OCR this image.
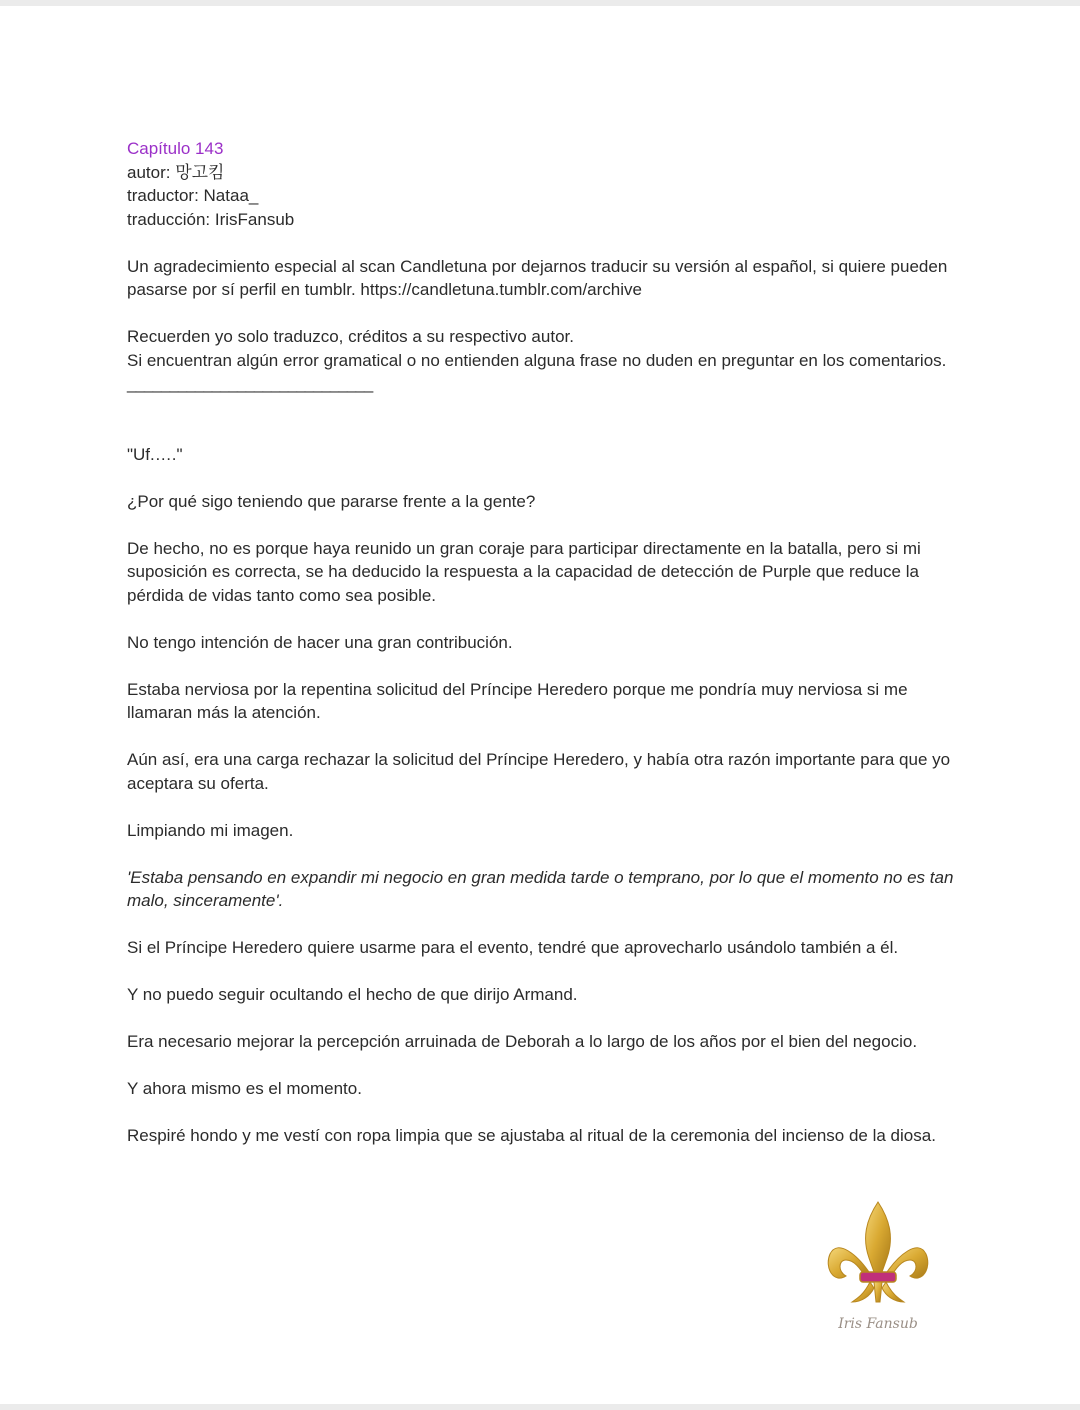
Capítulo 143

autor: 망고킴

traductor: Nataa_

traducción: IrisFansub

Un agradecimiento especial al scan Candletuna por dejarnos traducir su versión al español, si quiere pueden pasarse por sí perfil en tumblr. https://candletuna.tumblr.com/archive

Recuerden yo solo traduzco, créditos a su respectivo autor.

Si encuentran algún error gramatical o no entienden alguna frase no duden en preguntar en los comentarios.

_____________________________

"Uf.…."

¿Por qué sigo teniendo que pararse frente a la gente?

De hecho, no es porque haya reunido un gran coraje para participar directamente en la batalla, pero si mi suposición es correcta, se ha deducido la respuesta a la capacidad de detección de Purple que reduce la pérdida de vidas tanto como sea posible.

No tengo intención de hacer una gran contribución.

Estaba nerviosa por la repentina solicitud del Príncipe Heredero porque me pondría muy nerviosa si me llamaran más la atención.

Aún así, era una carga rechazar la solicitud del Príncipe Heredero, y había otra razón importante para que yo aceptara su oferta.

Limpiando mi imagen.

'Estaba pensando en expandir mi negocio en gran medida tarde o temprano, por lo que el momento no es tan malo, sinceramente'.

Si el Príncipe Heredero quiere usarme para el evento, tendré que aprovecharlo usándolo también a él.

Y no puedo seguir ocultando el hecho de que dirijo Armand.

Era necesario mejorar la percepción arruinada de Deborah a lo largo de los años por el bien del negocio.

Y ahora mismo es el momento.

Respiré hondo y me vestí con ropa limpia que se ajustaba al ritual de la ceremonia del incienso de la diosa.

Iris Fansub
